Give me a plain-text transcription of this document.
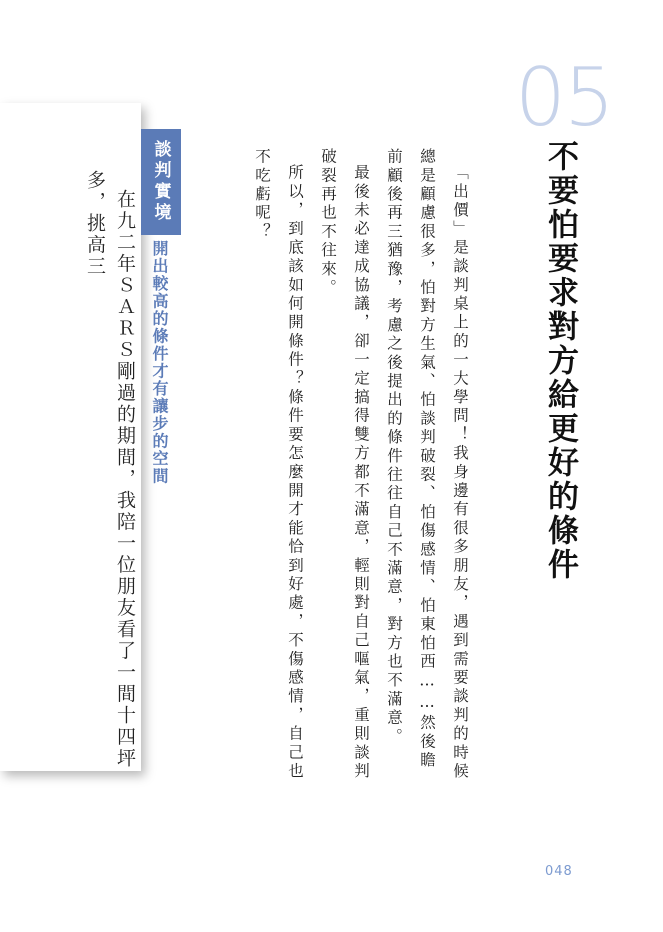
05
不要怕要求對方給更好的條件

「出價」是談判桌上的一大學問！我身邊有很多朋友，遇到需要談判的時候總是顧慮很多，怕對方生氣、怕談判破裂、怕傷感情、怕東怕西……然後瞻前顧後再三猶豫，考慮之後提出的條件往往自己不滿意，對方也不滿意。

最後未必達成協議，卻一定搞得雙方都不滿意，輕則對自己嘔氣，重則談判破裂再也不往來。

所以，到底該如何開條件？條件要怎麼開才能恰到好處，不傷感情，自己也不吃虧呢？

談判實境
開出較高的條件才有讓步的空間

在九二年ＳＡＲＳ剛過的期間，我陪一位朋友看了一間十四坪多，挑高三

048
